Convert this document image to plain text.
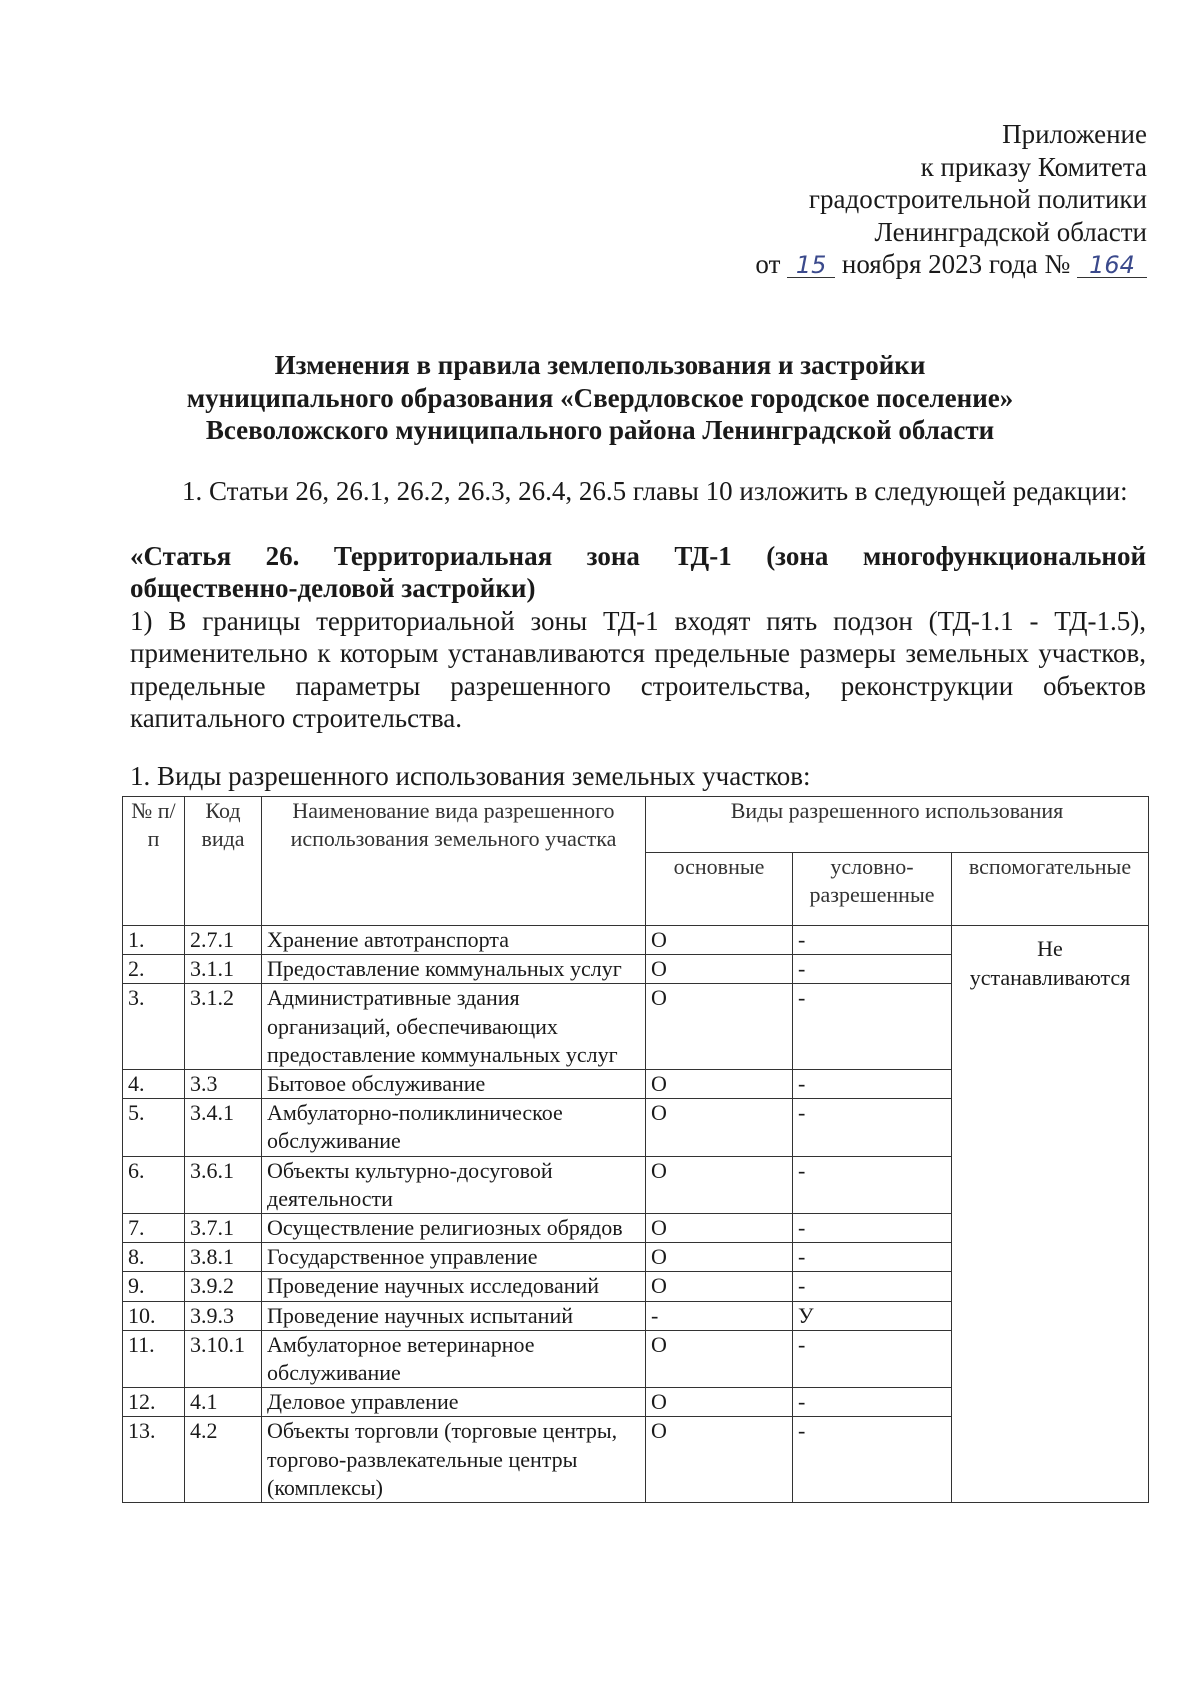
Приложение
к приказу Комитета
градостроительной политики
Ленинградской области
от 15 ноября 2023 года № 164
Изменения в правила землепользования и застройки
муниципального образования «Свердловское городское поселение»
Всеволожского муниципального района Ленинградской области
1. Статьи 26, 26.1, 26.2, 26.3, 26.4, 26.5 главы 10 изложить в следующей редакции:
«Статья 26. Территориальная зона ТД-1 (зона многофункциональной общественно-деловой застройки)
1) В границы территориальной зоны ТД-1 входят пять подзон (ТД-1.1 - ТД-1.5), применительно к которым устанавливаются предельные размеры земельных участков, предельные параметры разрешенного строительства, реконструкции объектов капитального строительства.
1. Виды разрешенного использования земельных участков:
№ п/п	Код вида	Наименование вида разрешенного использования земельного участка	Виды разрешенного использования		
			основные	условно-разрешенные	вспомогательные
1.	2.7.1	Хранение автотранспорта	О	-	Не устанавливаются
2.	3.1.1	Предоставление коммунальных услуг	О	-	
3.	3.1.2	Административные здания организаций, обеспечивающих предоставление коммунальных услуг	О	-	
4.	3.3	Бытовое обслуживание	О	-	
5.	3.4.1	Амбулаторно-поликлиническое обслуживание	О	-	
6.	3.6.1	Объекты культурно-досуговой деятельности	О	-	
7.	3.7.1	Осуществление религиозных обрядов	О	-	
8.	3.8.1	Государственное управление	О	-	
9.	3.9.2	Проведение научных исследований	О	-	
10.	3.9.3	Проведение научных испытаний	-	У	
11.	3.10.1	Амбулаторное ветеринарное обслуживание	О	-	
12.	4.1	Деловое управление	О	-	
13.	4.2	Объекты торговли (торговые центры, торгово-развлекательные центры (комплексы)	О	-	
